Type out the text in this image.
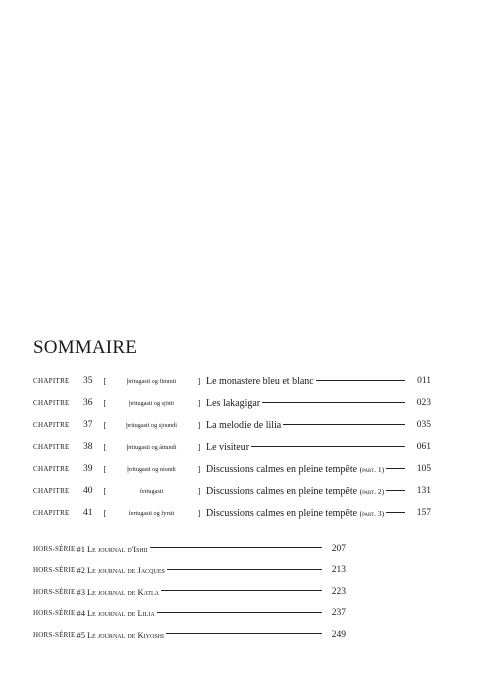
SOMMAIRE
CHAPITRE	35	[	þritugasti og fimmti	] Le monastere bleu et blanc	011
CHAPITRE	36	[	þritugasti og sjötti	] Les lakagigar	023
CHAPITRE	37	[	þritugasti og sjoundi	] La melodie de lilia	035
CHAPITRE	38	[	þritugasti og áttundi	] Le visiteur	061
CHAPITRE	39	[	þritugasti og níundi	] Discussions calmes en pleine tempête (part. 1)	105
CHAPITRE	40	[	fertugasti	] Discussions calmes en pleine tempête (part. 2)	131
CHAPITRE	41	[	fertugasti og fyrsti	] Discussions calmes en pleine tempête (part. 3)	157
HORS-SÉRIE #1 Le journal d'Ishii	207
HORS-SÉRIE #2 Le journal de Jacques	213
HORS-SÉRIE #3 Le journal de Katla	223
HORS-SÉRIE #4 Le journal de Lilia	237
HORS-SÉRIE #5 Le journal de Kiyoshi	249
